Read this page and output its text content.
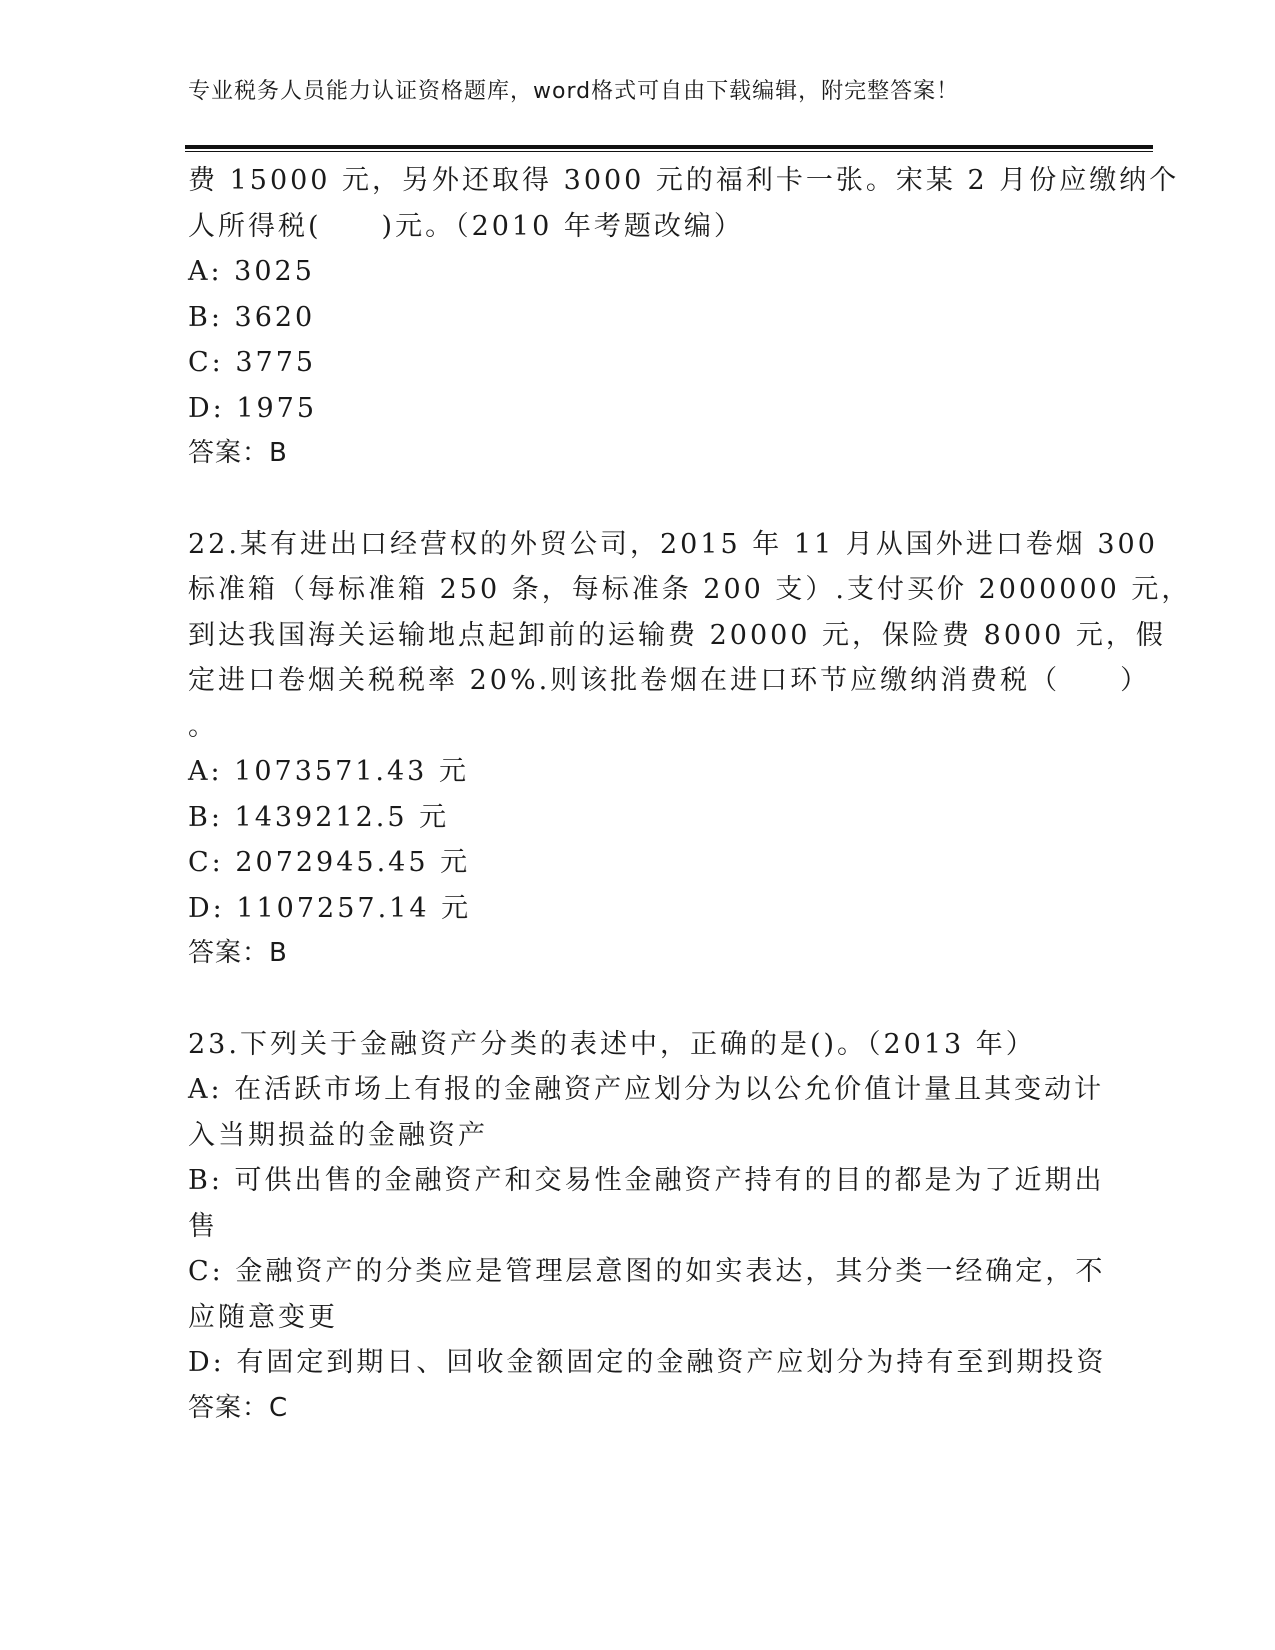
专业税务人员能力认证资格题库，word格式可自由下载编辑，附完整答案！
费 15000 元，另外还取得 3000 元的福利卡一张。宋某 2 月份应缴纳个
人所得税(　　)元。（2010 年考题改编）
A: 3025
B: 3620
C: 3775
D: 1975
答案：B
22.某有进出口经营权的外贸公司，2015 年 11 月从国外进口卷烟 300
标准箱（每标准箱 250 条，每标准条 200 支）.支付买价 2000000 元，
到达我国海关运输地点起卸前的运输费 20000 元，保险费 8000 元，假
定进口卷烟关税税率 20%.则该批卷烟在进口环节应缴纳消费税（　　）
。
A: 1073571.43 元
B: 1439212.5 元
C: 2072945.45 元
D: 1107257.14 元
答案：B
23.下列关于金融资产分类的表述中，正确的是()。（2013 年）
A: 在活跃市场上有报的金融资产应划分为以公允价值计量且其变动计
入当期损益的金融资产
B: 可供出售的金融资产和交易性金融资产持有的目的都是为了近期出
售
C: 金融资产的分类应是管理层意图的如实表达，其分类一经确定，不
应随意变更
D: 有固定到期日、回收金额固定的金融资产应划分为持有至到期投资
答案：C
